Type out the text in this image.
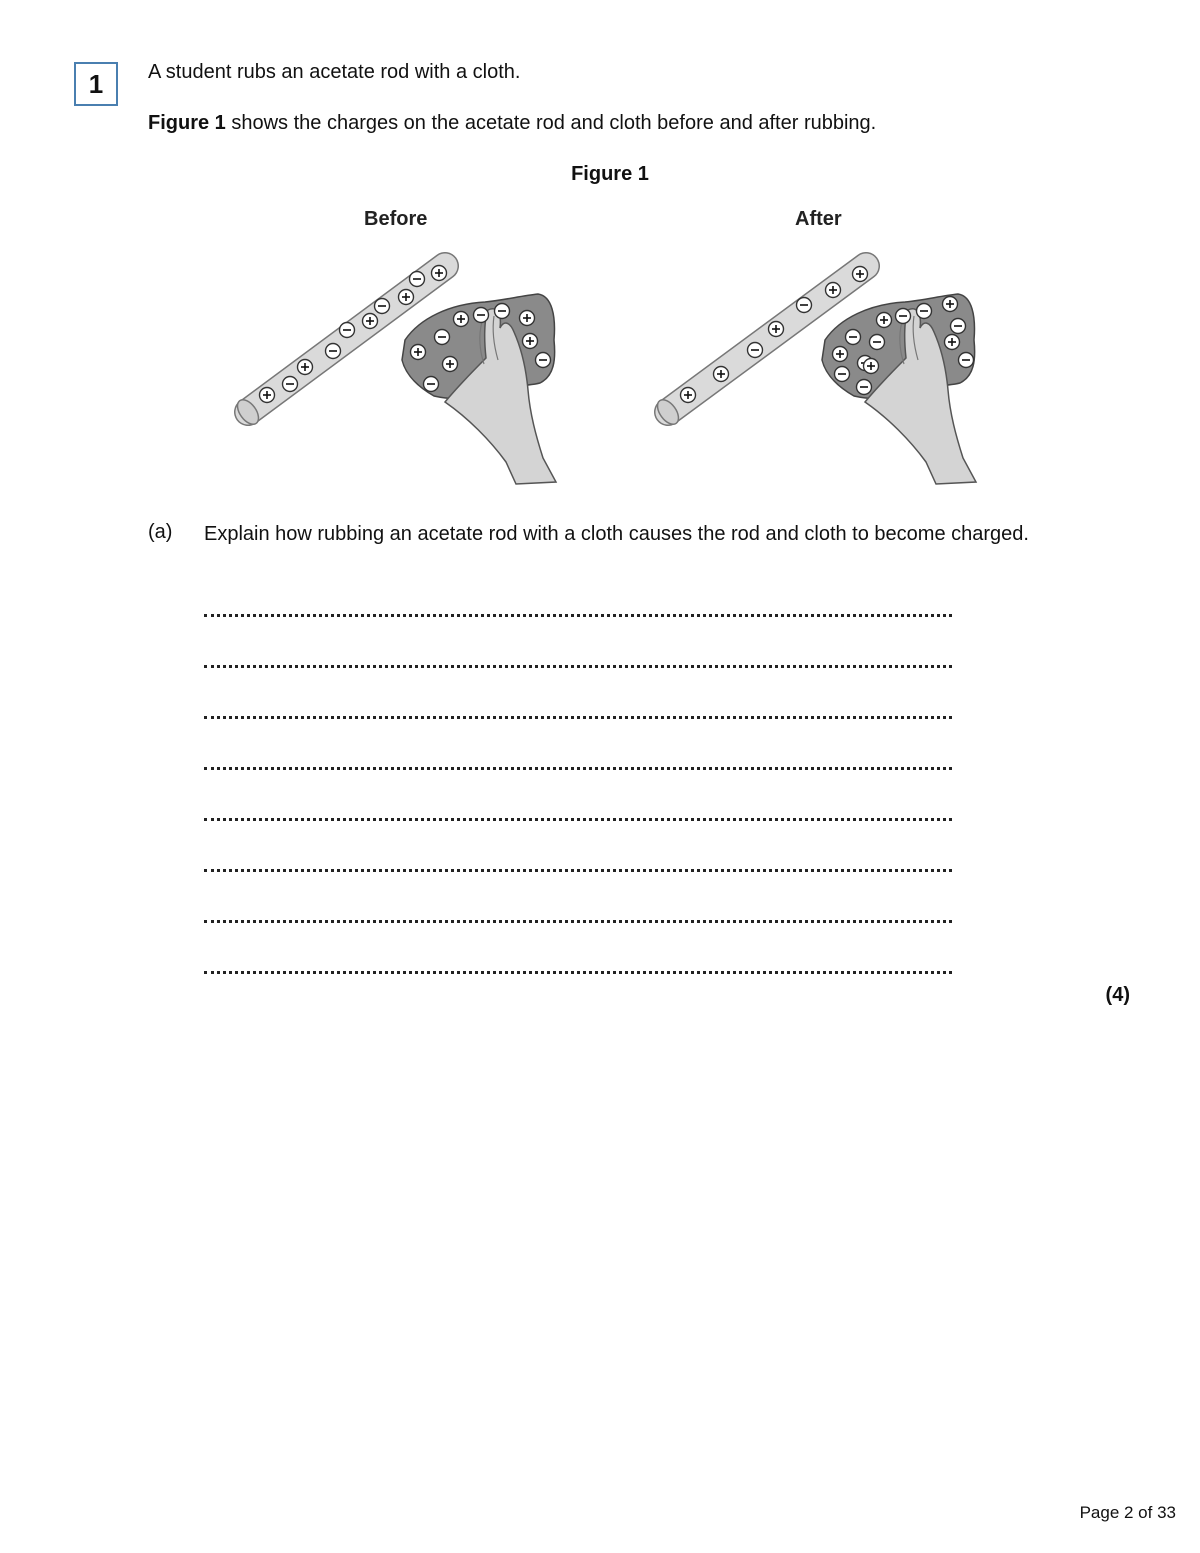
1 A student rubs an acetate rod with a cloth.
Figure 1 shows the charges on the acetate rod and cloth before and after rubbing.
Figure 1
Before	After
(a) Explain how rubbing an acetate rod with a cloth causes the rod and cloth to become charged.
(4)
Page 2 of 33
